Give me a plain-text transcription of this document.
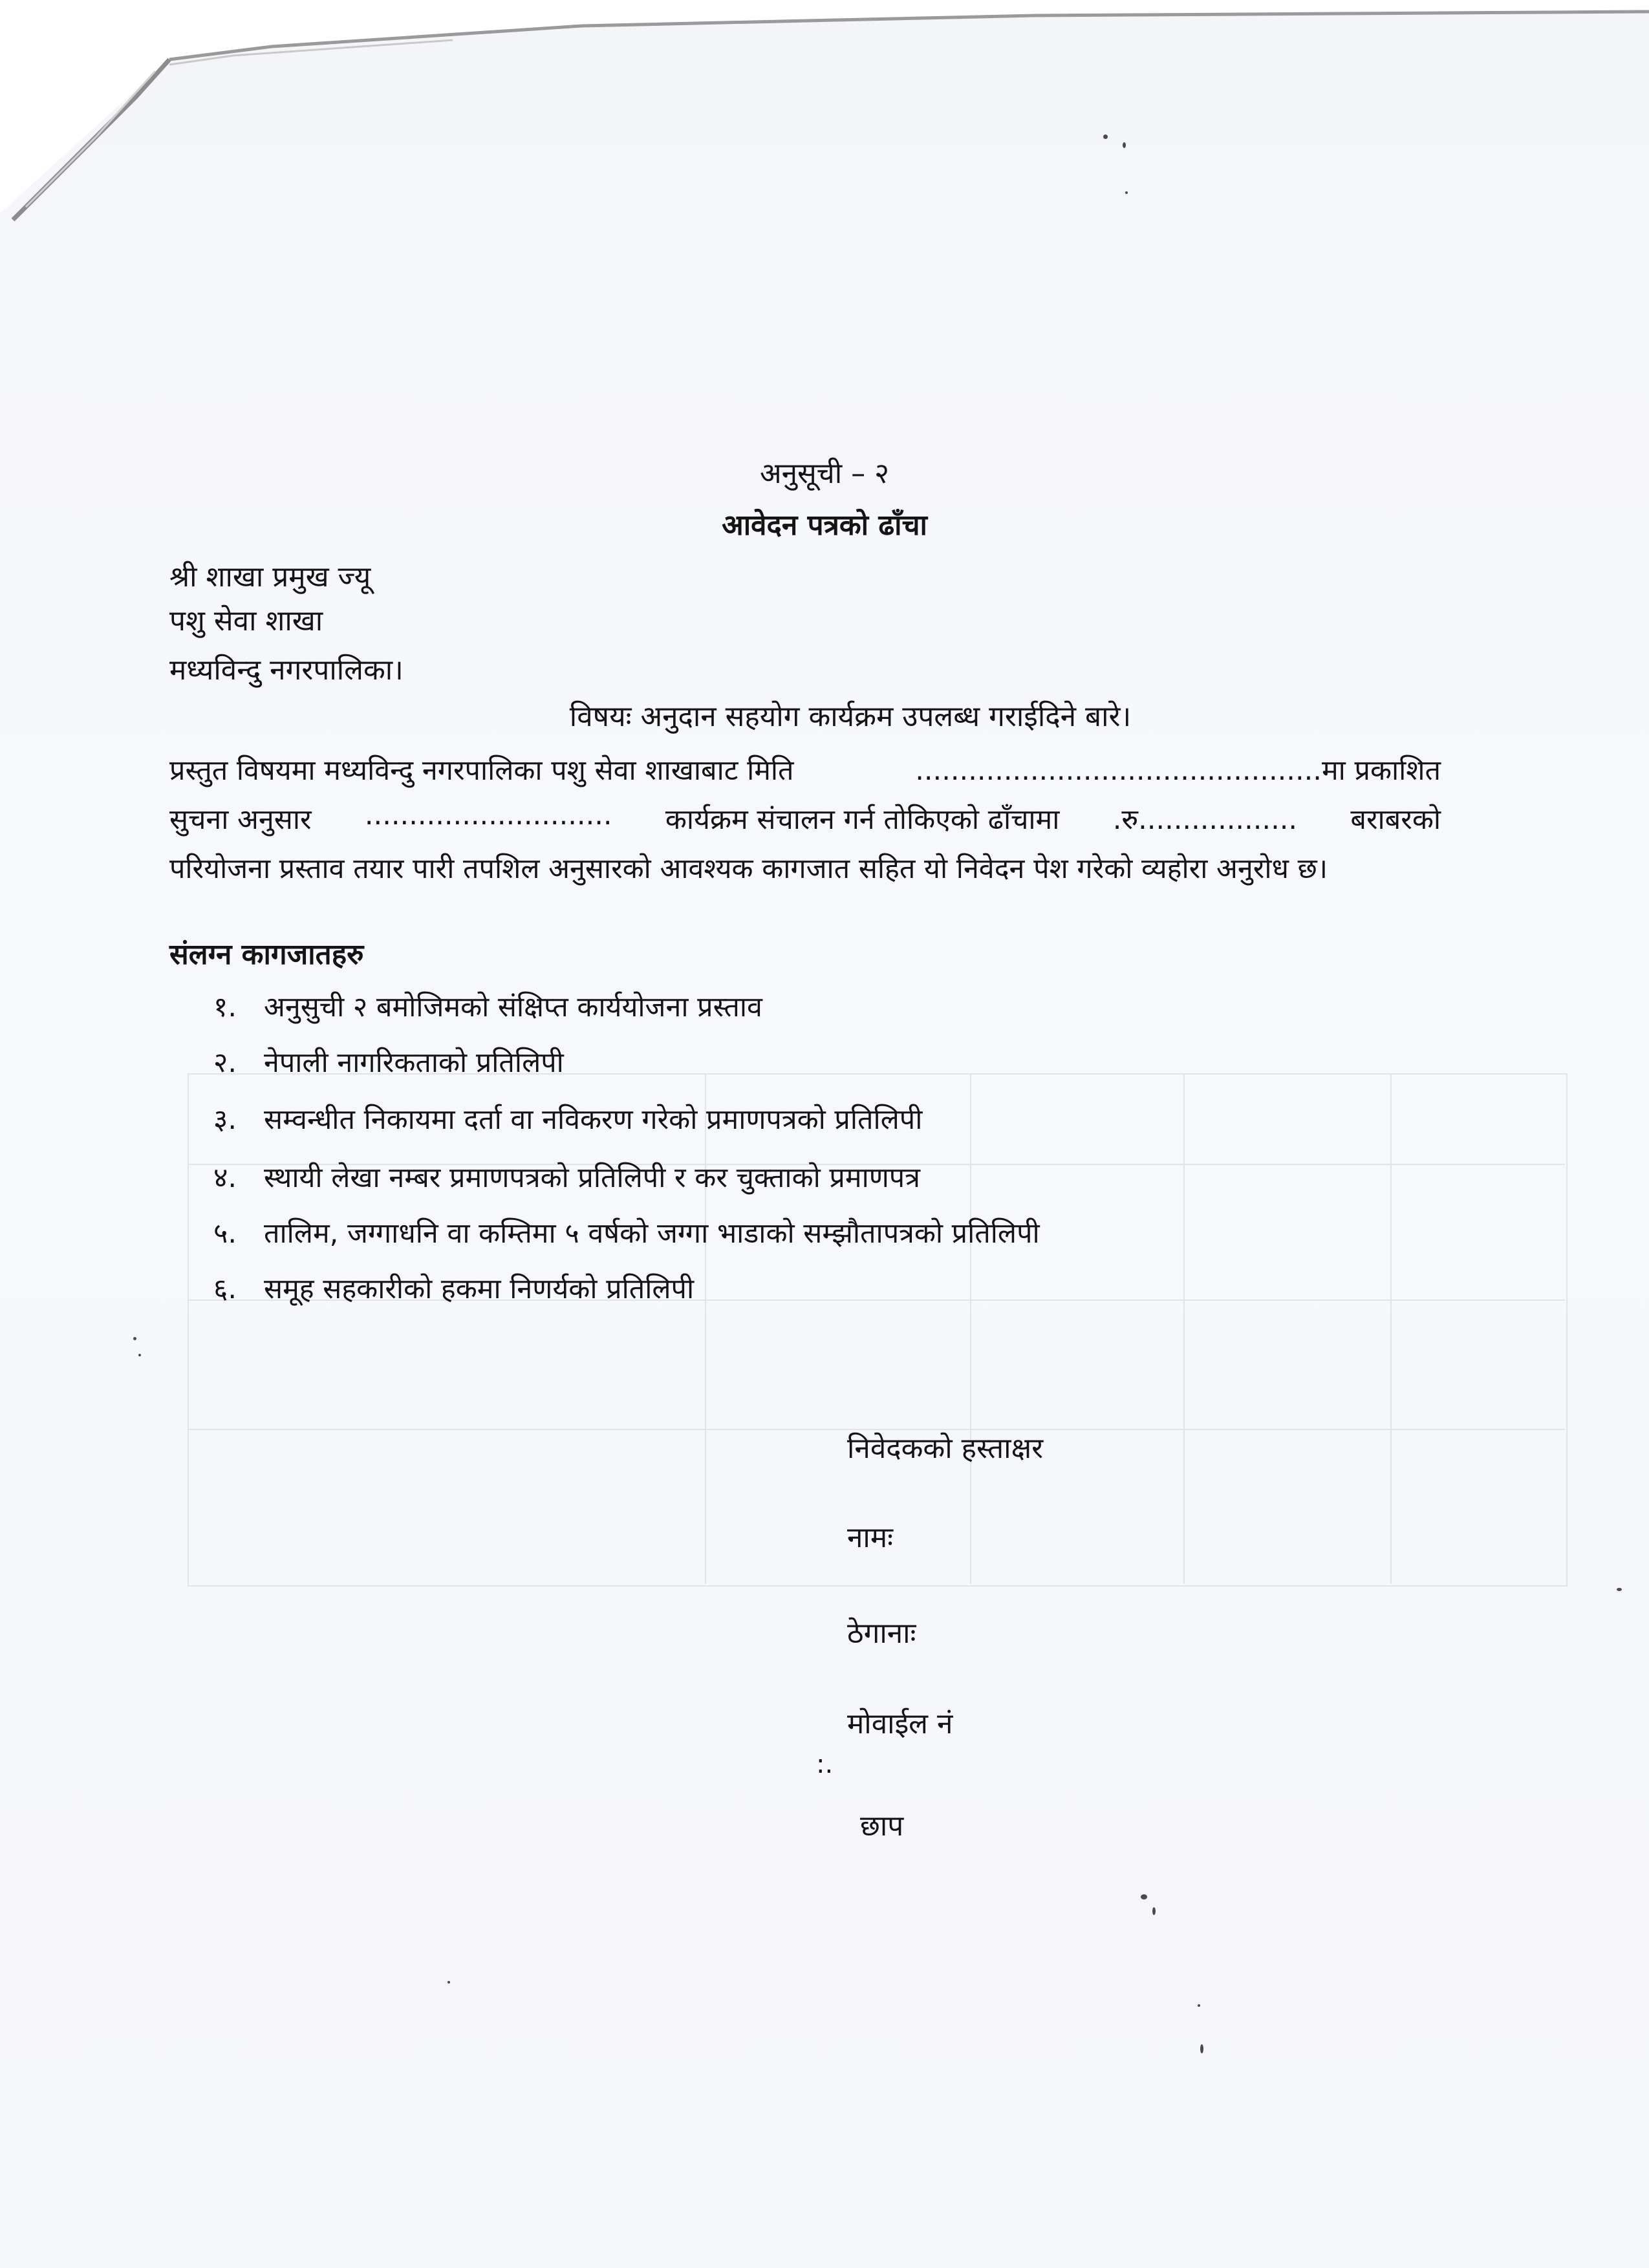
अनुसूची – २
आवेदन पत्रको ढाँचा
श्री शाखा प्रमुख ज्यू
पशु सेवा शाखा
मध्यविन्दु नगरपालिका।
विषयः अनुदान सहयोग कार्यक्रम उपलब्ध गराईदिने बारे।
प्रस्तुत विषयमा मध्यविन्दु नगरपालिका पशु सेवा शाखाबाट मिति	..............................................मा प्रकाशित
सुचना अनुसार ............................ कार्यक्रम संचालन गर्न तोकिएको ढाँचामा .रु.................. बराबरको
परियोजना प्रस्ताव तयार पारी तपशिल अनुसारको आवश्यक कागजात सहित यो निवेदन पेश गरेको व्यहोरा अनुरोध छ।
संलग्न कागजातहरु
१. अनुसुची २ बमोजिमको संक्षिप्त कार्ययोजना प्रस्ताव
२. नेपाली नागरिकताको प्रतिलिपी
३. सम्वन्धीत निकायमा दर्ता वा नविकरण गरेको प्रमाणपत्रको प्रतिलिपी
४. स्थायी लेखा नम्बर प्रमाणपत्रको प्रतिलिपी र कर चुक्ताको प्रमाणपत्र
५. तालिम, जग्गाधनि वा कम्तिमा ५ वर्षको जग्गा भाडाको सम्झौतापत्रको प्रतिलिपी
६. समूह सहकारीको हकमा निणर्यको प्रतिलिपी
निवेदकको हस्ताक्षर
नामः
ठेगानाः
मोवाईल नं
:.
छाप
